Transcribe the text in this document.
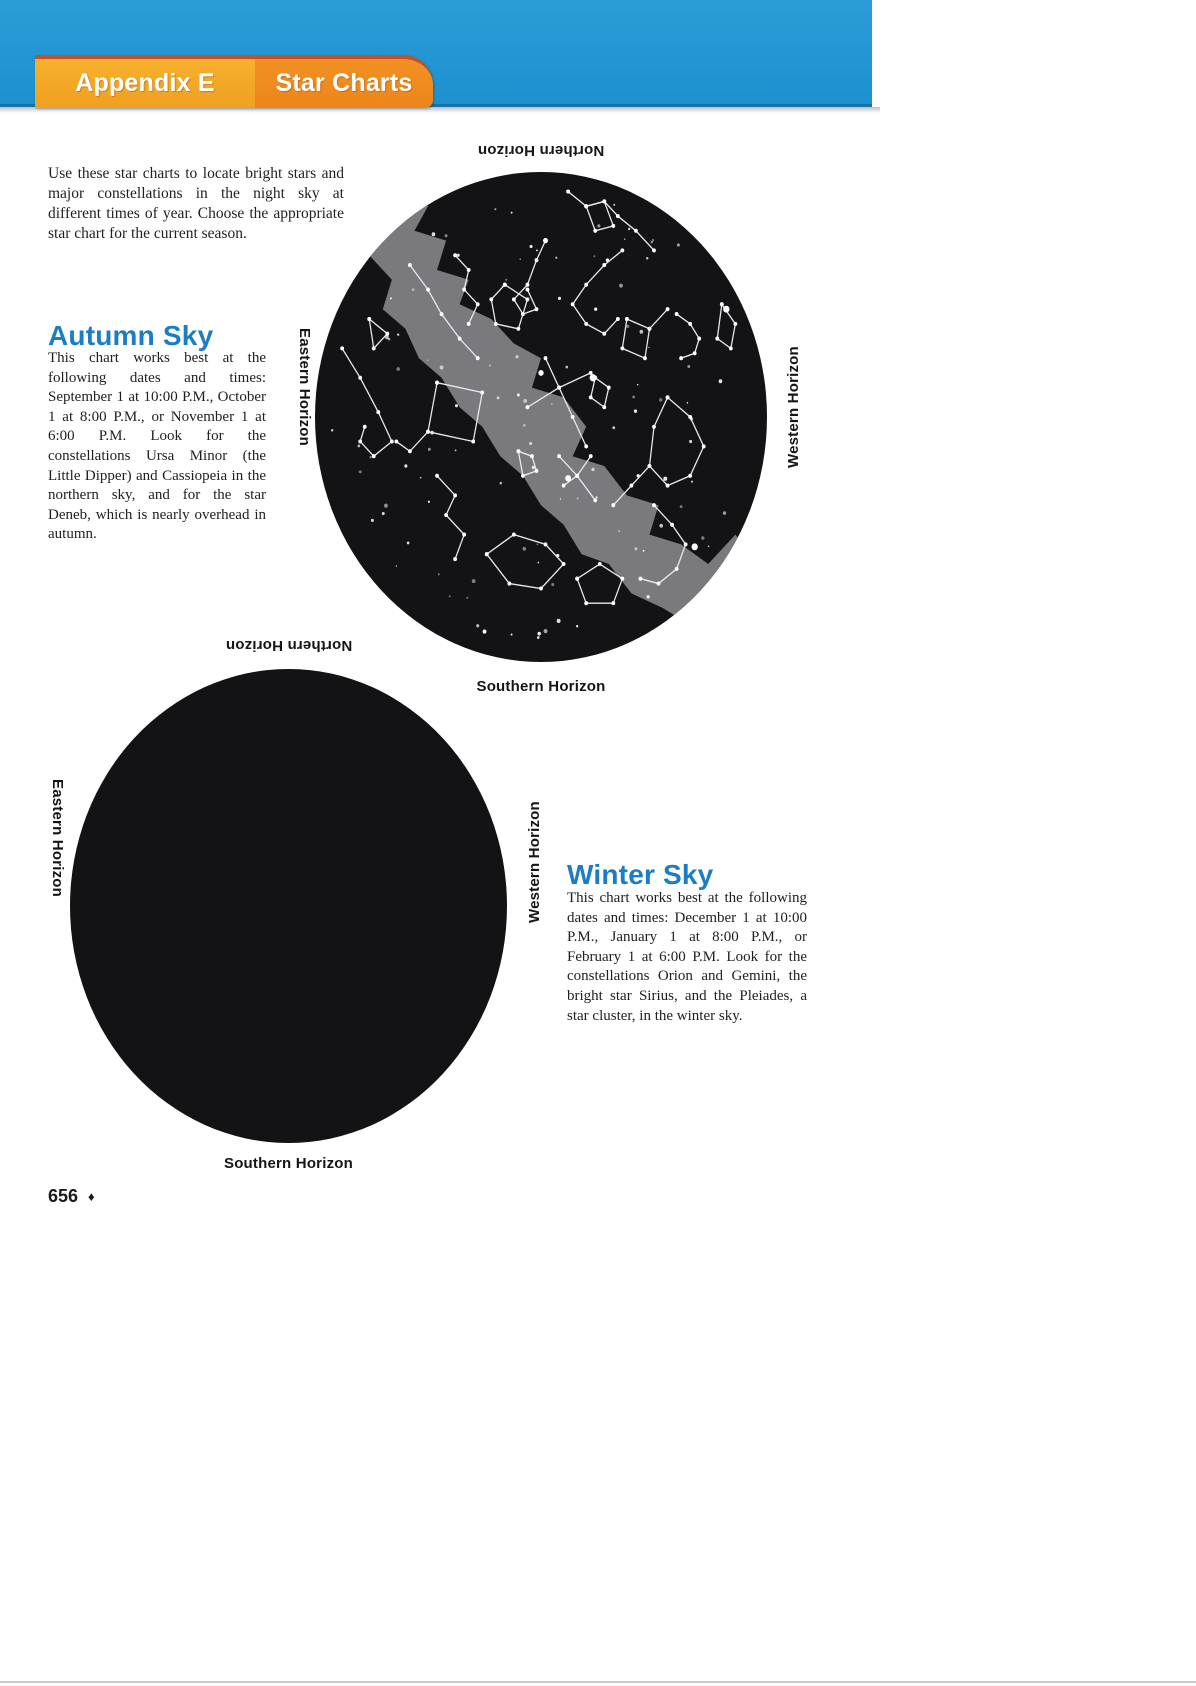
Appendix E Star Charts

Use these star charts to locate bright stars and major constellations in the night sky at different times of year. Choose the appropriate star chart for the current season.

Autumn Sky

This chart works best at the following dates and times: September 1 at 10:00 P.M., October 1 at 8:00 P.M., or November 1 at 6:00 P.M. Look for the constellations Ursa Minor (the Little Dipper) and Cassiopeia in the northern sky, and for the star Deneb, which is nearly overhead in autumn.

Northern Horizon
Eastern Horizon	Western Horizon
Southern Horizon
Winter Sky

This chart works best at the following dates and times: December 1 at 10:00 P.M., January 1 at 8:00 P.M., or February 1 at 6:00 P.M. Look for the constellations Orion and Gemini, the bright star Sirius, and the Pleiades, a star cluster, in the winter sky.

Northern Horizon
Eastern Horizon	Western Horizon
Southern Horizon
656 ♦
